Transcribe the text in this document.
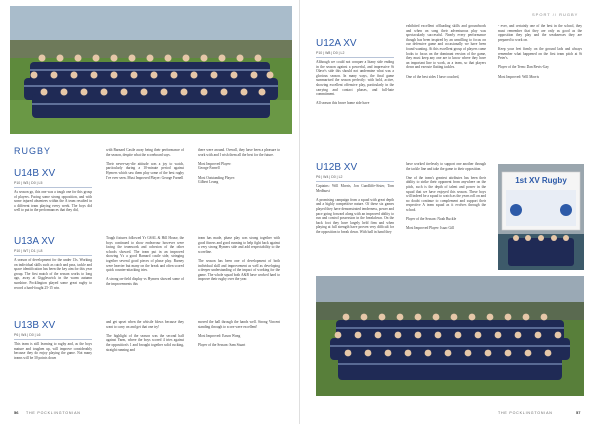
RUGBY
U14B XV
P10 | W3 | D0 | L5
As season go, this one was a tough one for this group of players. Facing some strong opposition, and with some injured absentees within the A team resulted in a different team playing every week. The boys did well to put in the performances that they did,
with Barnard Castle away being their performance of the season, despite what the scoreboard says.

Their never-say-die attitude was a joy to watch, particularly during a 10-minute period against Hymers which saw them play some of the best rugby I've ever seen. Must Improved Player: George Farnell
there were around. Overall, they have been a pleasure to work with and I wish them all the best for the future.

Most Improved Player:
George Farnell

Most Outstanding Player:
Gilbert Leung
U13A XV
P10 | W7 | D1 | L8
A season of development for the under 13s. Working on individual skills such as catch and pass, tackle and space identification has been the key aim for this year group. The first match of the season works to long ago, away at Giggleswick in the warm autumn sunshine. Pocklington played some great rugby to record a hard-fought 25-15 win.
Tough fixtures followed Yr GSAL & Hill House, the boys continued to show endeavour however were facing the teamwork and cohesion of the other schools showed. The team put in an improved showing Vs a good Barnard castle side, stringing together several good pieces of phase play. Barney were heavier but many on the break and often scored quick counter-attacking tries.

A strong on-field display vs Hymers showed some of the improvements this
team has made, phase play was strong together with good fitness and good running to help fight back against a very strong Hymers side and add respectability to the scoreline.

The season has been one of development of both individual skill and improvement as well as developing a deeper understanding of the impact of working for the game. The whole squad both A&B have worked hard to improve their rugby over the year.
U13B XV
P6 | W4 | D0 | L6
This team is still learning to rugby and, as the boys mature and toughen up, will improve considerably because they do enjoy playing the game. Not many teams will be 30 points down
and get upset when the whistle blows because they want to carry on and get that one try!

The highlight of the season was the second half against Yarm, where the boys scored 4 tries against the opposition's 1 and brought together solid rucking, straight running and
moved the ball through the hands well. Strong Vincent standing through to score were excellent!

Most Improved: Eason Wong

Player of the Season: Sam Stuart
56 THE POCKLINGTONIAN
SPORT // RUGBY
U12A XV
P10 | W8 | D0 | L2
Although we could not conquer a litany side ending in the season against a powerful, and impressive St Olave's side this should not undermine what was a glorious season. In many ways, the final game summarised the season perfectly: with bold, active, showing excellent offensive play, particularly in the carrying and contact phases, and full-hate commitment.

All season this brave home side have
exhibited excellent offloading skills and groundwork and when on song their adventurous play was spectacularly successful. Nearly every performance though has been inspired by an unwilling to focus on our defensive game and occasionally we have been found wanting. At this excellent group of players came looks to focus on the dominant version of the game, they must keep any one are to know where they have an important line to work, as a team, so that players down and execute flatting tackles.

One of the best sides I have coached,
- ever, and certainly one of the best in the school, they must remember that they are only as good as the opposition they play and the weaknesses they are prepared to work on.

Keep your feet firmly on the ground lads and always remember what happened on the first team pitch at St Peter's.

Player of the Term: Dan Revis-Gay

Most Improved: Will Morris
U12B XV
P6 | W4 | D0 | L2
Captains: Will Morris, Jon Cundliffe-Sister, Tom Medhurst

A promising campaign from a squad with great depth and a highly competitive nature. Of these six games played they have demonstrated tenderness, power and pace going forward along with an improved ability to run and control possession in the breakdown. On the back foot they have largely held firm and when playing at full strength have proven very difficult for the opposition to break down. With ball in hand they
have worked tirelessly to support one another through the tackle line and take the game to their opposition.

One of the team's greatest attributes has been their ability to strike their opponent from anywhere on the pitch, such is the depth of talent and power in the squad that we have enjoyed this season. These boys will indeed be a squad to watch as the years roll on and no doubt continue to complement and support their respective A team squad as it evolves through the school.

Player of the Season: Noah Buckle

Most Improved Player: Isaac Gill
1st XV Rugby
THE POCKLINGTONIAN	57
